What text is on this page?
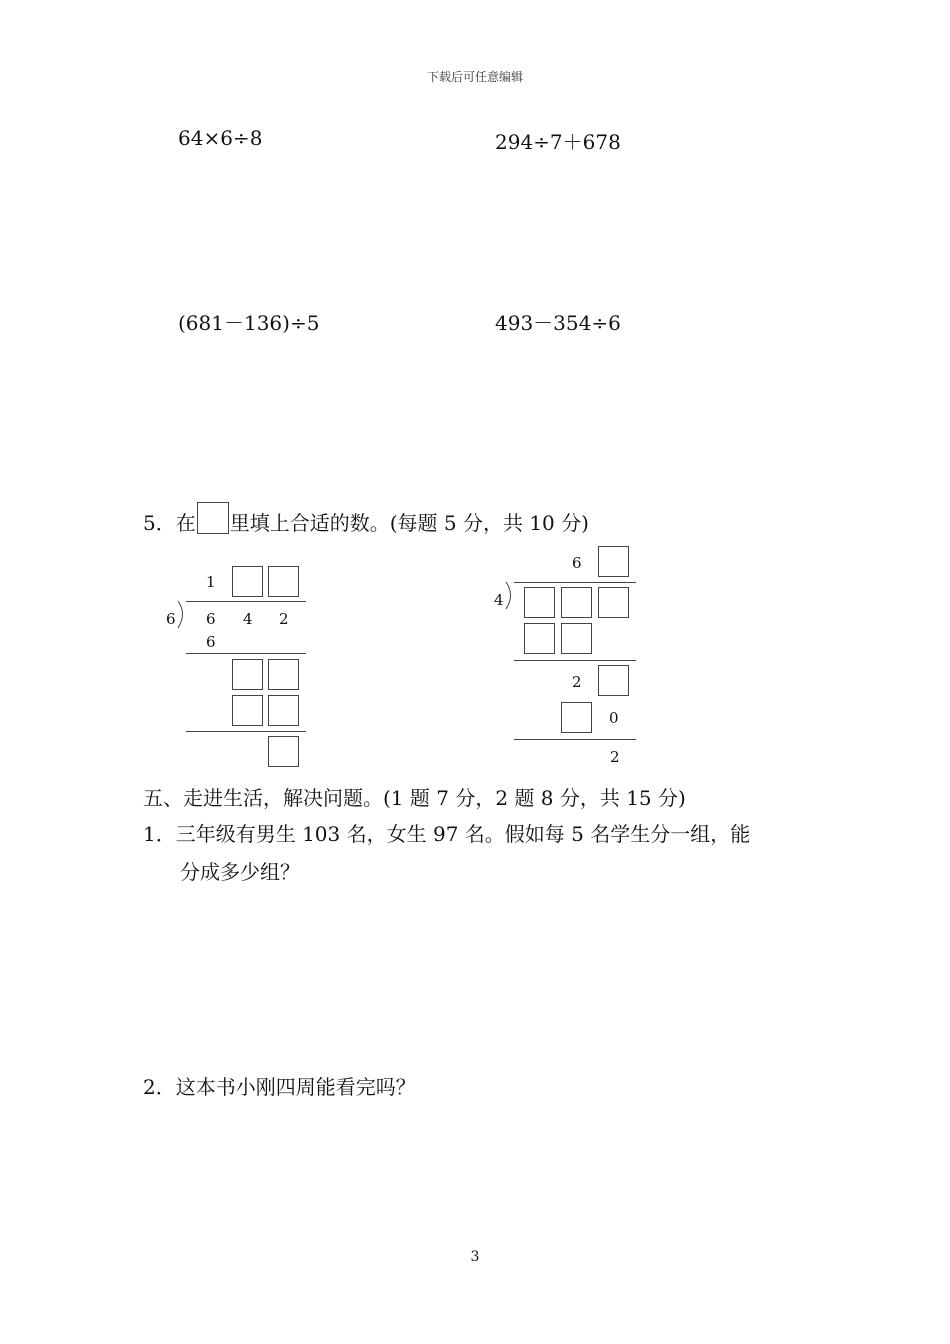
下载后可任意编辑
64×6÷8	294÷7＋678
(681－136)÷5	493－354÷6
5．在 里填上合适的数。(每题 5 分，共 10 分)
1
6 6 4 2
6
6
4
2
0
2
五、走进生活，解决问题。(1 题 7 分，2 题 8 分，共 15 分)
1．三年级有男生 103 名，女生 97 名。假如每 5 名学生分一组，能
分成多少组？
2．这本书小刚四周能看完吗？
3
